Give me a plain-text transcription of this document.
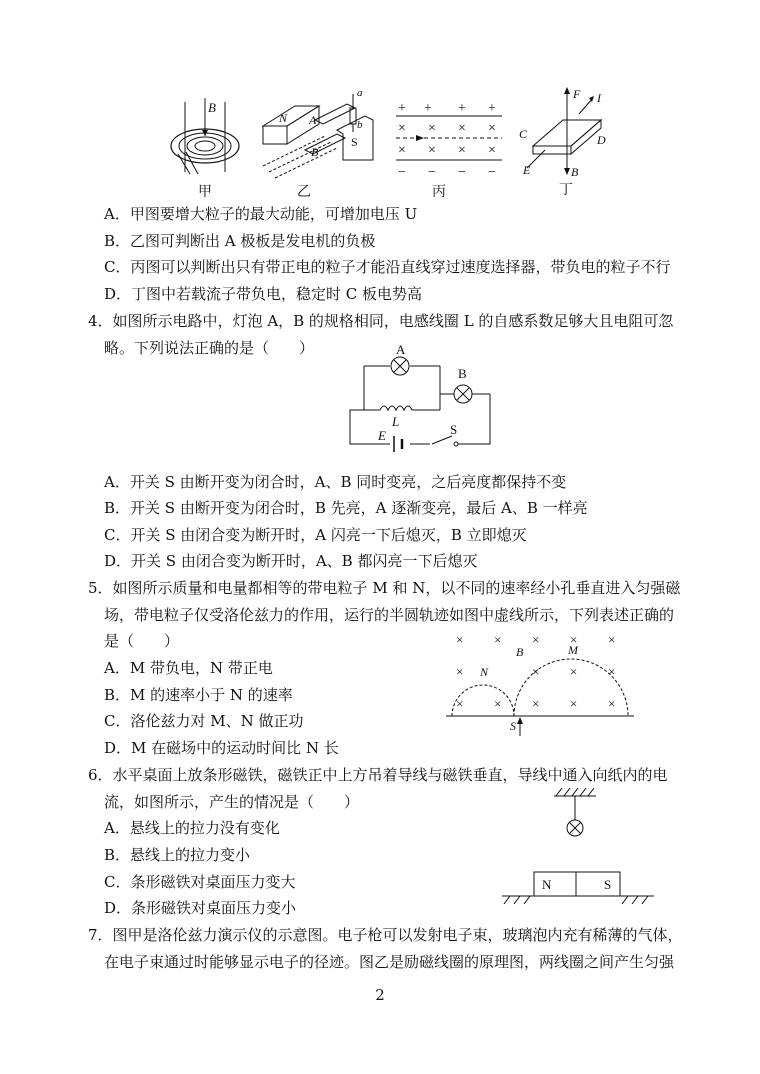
B
甲
N A
S
B
a
b
乙
+ + + +
× × × ×
× × × ×
− − − −
丙
F I
C	D
E	B
丁
A．甲图要增大粒子的最大动能，可增加电压 U
B．乙图可判断出 A 极板是发电机的负极
C．丙图可以判断出只有带正电的粒子才能沿直线穿过速度选择器，带负电的粒子不行
D．丁图中若载流子带负电，稳定时 C 板电势高
4．如图所示电路中，灯泡 A，B 的规格相同，电感线圈 L 的自感系数足够大且电阻可忽
略。下列说法正确的是（　　）	A
B
L
E	S
A．开关 S 由断开变为闭合时，A、B 同时变亮，之后亮度都保持不变
B．开关 S 由断开变为闭合时，B 先亮，A 逐渐变亮，最后 A、B 一样亮
C．开关 S 由闭合变为断开时，A 闪亮一下后熄灭，B 立即熄灭
D．开关 S 由闭合变为断开时，A、B 都闪亮一下后熄灭
5．如图所示质量和电量都相等的带电粒子 M 和 N，以不同的速率经小孔垂直进入匀强磁
场，带电粒子仅受洛伦兹力的作用，运行的半圆轨迹如图中虚线所示，下列表述正确的
是（　　）	× × × × ×
×	× × ×
× × × × ×
B	M
N
S
A．M 带负电，N 带正电
B．M 的速率小于 N 的速率
C．洛伦兹力对 M、N 做正功
D．M 在磁场中的运动时间比 N 长
6．水平桌面上放条形磁铁，磁铁正中上方吊着导线与磁铁垂直，导线中通入向纸内的电
流，如图所示，产生的情况是（　　）
N	S
A．悬线上的拉力没有变化
B．悬线上的拉力变小
C．条形磁铁对桌面压力变大
D．条形磁铁对桌面压力变小
7．图甲是洛伦兹力演示仪的示意图。电子枪可以发射电子束，玻璃泡内充有稀薄的气体，
在电子束通过时能够显示电子的径迹。图乙是励磁线圈的原理图，两线圈之间产生匀强
2
